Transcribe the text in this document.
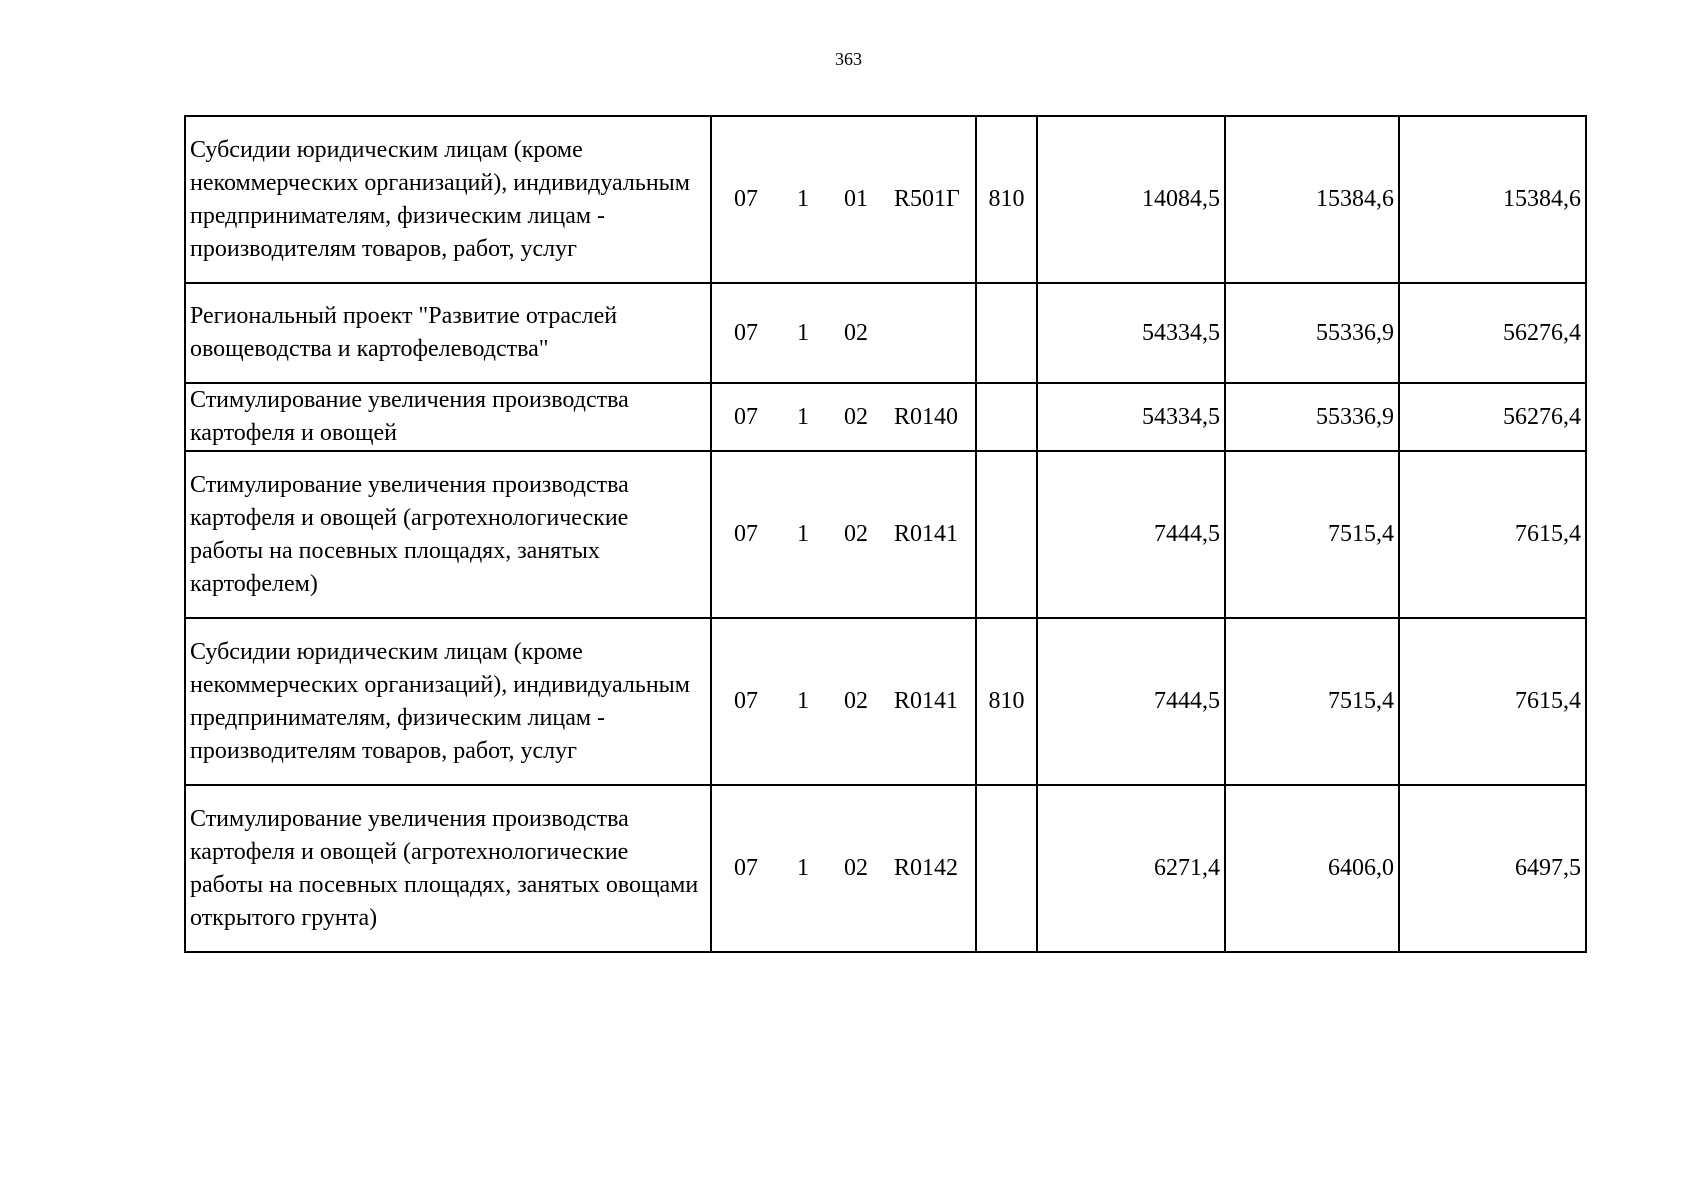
363
Субсидии юридическим лицам (кроме некоммерческих организаций), индивидуальным предпринимателям, физическим лицам - производителям товаров, работ, услуг	07 1 01 R501Г	810	14084,5	15384,6	15384,6
Региональный проект "Развитие отраслей овощеводства и картофелеводства"	07 1 02		54334,5	55336,9	56276,4
Стимулирование увеличения производства картофеля и овощей	07 1 02 R0140		54334,5	55336,9	56276,4
Стимулирование увеличения производства картофеля и овощей (агротехнологические работы на посевных площадях, занятых картофелем)	07 1 02 R0141		7444,5	7515,4	7615,4
Субсидии юридическим лицам (кроме некоммерческих организаций), индивидуальным предпринимателям, физическим лицам - производителям товаров, работ, услуг	07 1 02 R0141	810	7444,5	7515,4	7615,4
Стимулирование увеличения производства картофеля и овощей (агротехнологические работы на посевных площадях, занятых овощами открытого грунта)	07 1 02 R0142		6271,4	6406,0	6497,5
